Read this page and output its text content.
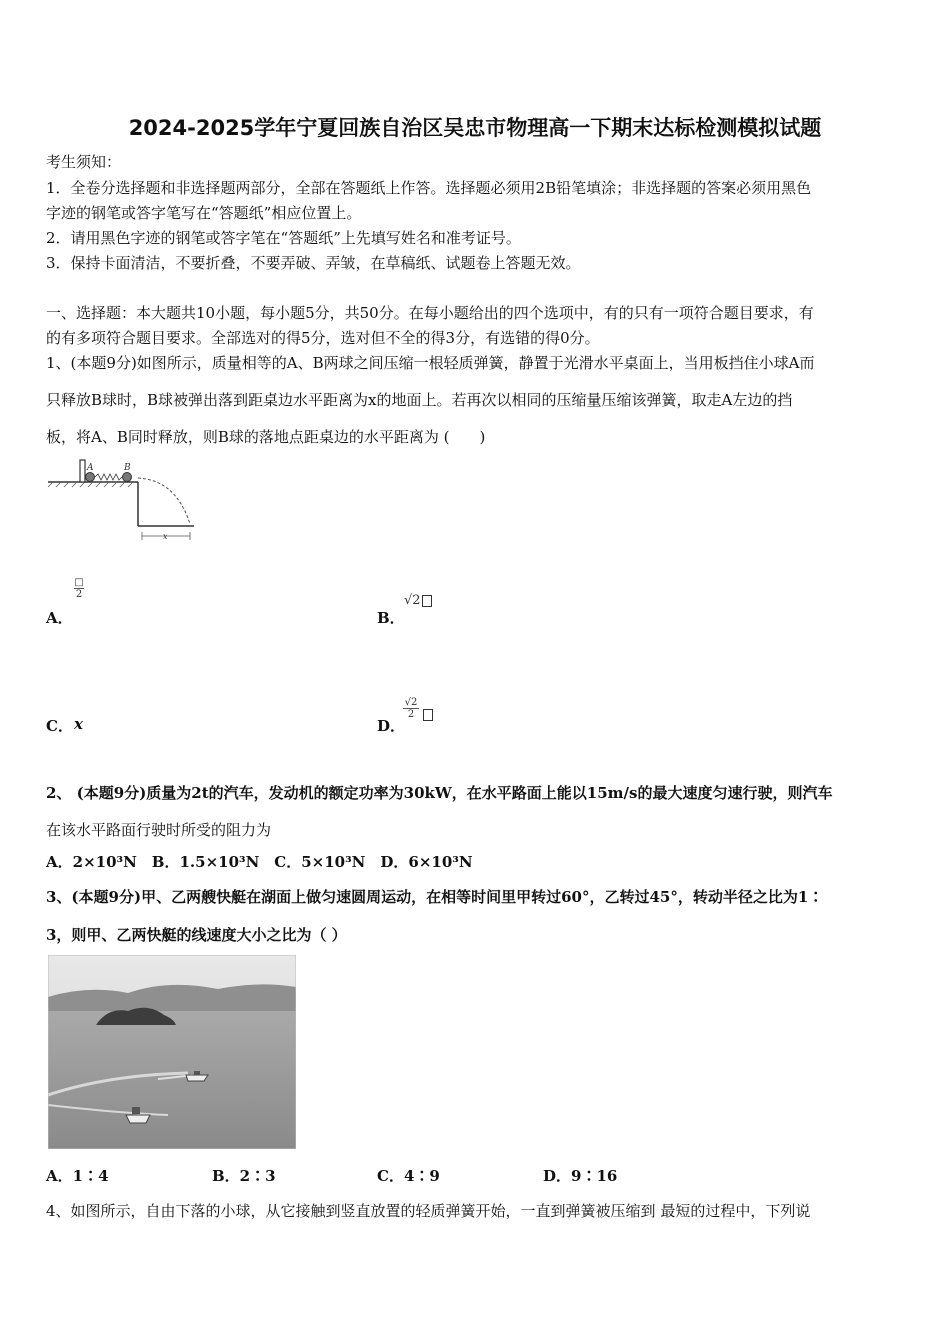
2024-2025学年宁夏回族自治区吴忠市物理高一下期末达标检测模拟试题
考生须知：
1．全卷分选择题和非选择题两部分，全部在答题纸上作答。选择题必须用2B铅笔填涂；非选择题的答案必须用黑色
字迹的钢笔或答字笔写在“答题纸”相应位置上。
2．请用黑色字迹的钢笔或答字笔在“答题纸”上先填写姓名和准考证号。
3．保持卡面清洁，不要折叠，不要弄破、弄皱，在草稿纸、试题卷上答题无效。
一、选择题：本大题共10小题，每小题5分，共50分。在每小题给出的四个选项中，有的只有一项符合题目要求，有
的有多项符合题目要求。全部选对的得5分，选对但不全的得3分，有选错的得0分。
1、(本题9分)如图所示，质量相等的A、B两球之间压缩一根轻质弹簧，静置于光滑水平桌面上，当用板挡住小球A而
只释放B球时，B球被弹出落到距桌边水平距离为x的地面上。若再次以相同的压缩量压缩该弹簧，取走A左边的挡
板，将A、B同时释放，则B球的落地点距桌边的水平距离为 (　　)
A	B
x
A．
□
2
B．
√2
C． x	D．
$\frac{√2}{2}$
2、 (本题9分)质量为2t的汽车，发动机的额定功率为30kW，在水平路面上能以15m/s的最大速度匀速行驶，则汽车
在该水平路面行驶时所受的阻力为
A．2×10³N　B．1.5×10³N　C．5×10³N　D．6×10³N
3、(本题9分)甲、乙两艘快艇在湖面上做匀速圆周运动，在相等时间里甲转过60°，乙转过45°，转动半径之比为1∶
3，则甲、乙两快艇的线速度大小之比为（ ）
A．1∶4	B．2∶3	C．4∶9	D．9∶16
4、如图所示，自由下落的小球，从它接触到竖直放置的轻质弹簧开始，一直到弹簧被压缩到 最短的过程中，下列说
